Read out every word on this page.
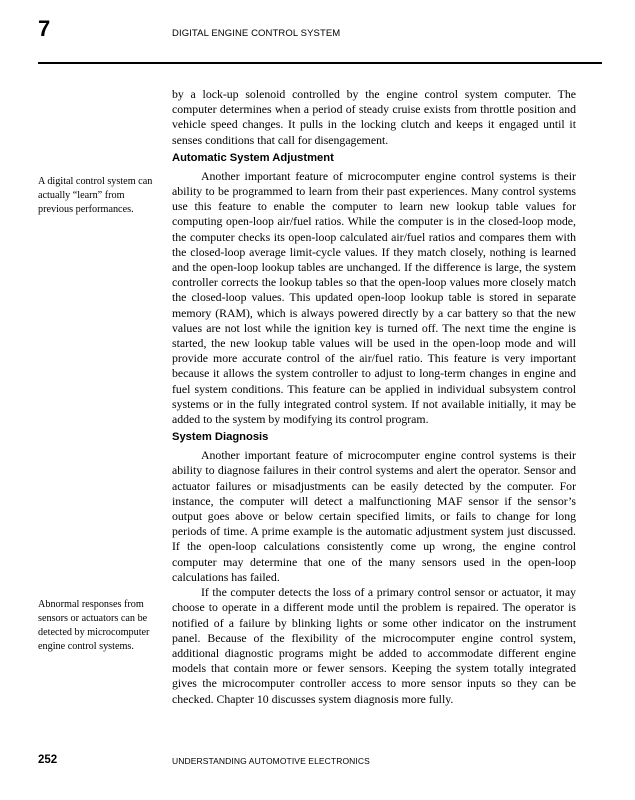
7	DIGITAL ENGINE CONTROL SYSTEM
A digital control system can actually “learn” from previous performances.
Abnormal responses from sensors or actuators can be detected by microcomputer engine control systems.

by a lock-up solenoid controlled by the engine control system computer. The computer determines when a period of steady cruise exists from throttle position and vehicle speed changes. It pulls in the locking clutch and keeps it engaged until it senses conditions that call for disengagement.

Automatic System Adjustment

Another important feature of microcomputer engine control systems is their ability to be programmed to learn from their past experiences. Many control systems use this feature to enable the computer to learn new lookup table values for computing open-loop air/fuel ratios. While the computer is in the closed-loop mode, the computer checks its open-loop calculated air/fuel ratios and compares them with the closed-loop average limit-cycle values. If they match closely, nothing is learned and the open-loop lookup tables are unchanged. If the difference is large, the system controller corrects the lookup tables so that the open-loop values more closely match the closed-loop values. This updated open-loop lookup table is stored in separate memory (RAM), which is always powered directly by a car battery so that the new values are not lost while the ignition key is turned off. The next time the engine is started, the new lookup table values will be used in the open-loop mode and will provide more accurate control of the air/fuel ratio. This feature is very important because it allows the system controller to adjust to long-term changes in engine and fuel system conditions. This feature can be applied in individual subsystem control systems or in the fully integrated control system. If not available initially, it may be added to the system by modifying its control program.

System Diagnosis

Another important feature of microcomputer engine control systems is their ability to diagnose failures in their control systems and alert the operator. Sensor and actuator failures or misadjustments can be easily detected by the computer. For instance, the computer will detect a malfunctioning MAF sensor if the sensor’s output goes above or below certain specified limits, or fails to change for long periods of time. A prime example is the automatic adjustment system just discussed. If the open-loop calculations consistently come up wrong, the engine control computer may determine that one of the many sensors used in the open-loop calculations has failed.

If the computer detects the loss of a primary control sensor or actuator, it may choose to operate in a different mode until the problem is repaired. The operator is notified of a failure by blinking lights or some other indicator on the instrument panel. Because of the flexibility of the microcomputer engine control system, additional diagnostic programs might be added to accommodate different engine models that contain more or fewer sensors. Keeping the system totally integrated gives the microcomputer controller access to more sensor inputs so they can be checked. Chapter 10 discusses system diagnosis more fully.

252	UNDERSTANDING AUTOMOTIVE ELECTRONICS
